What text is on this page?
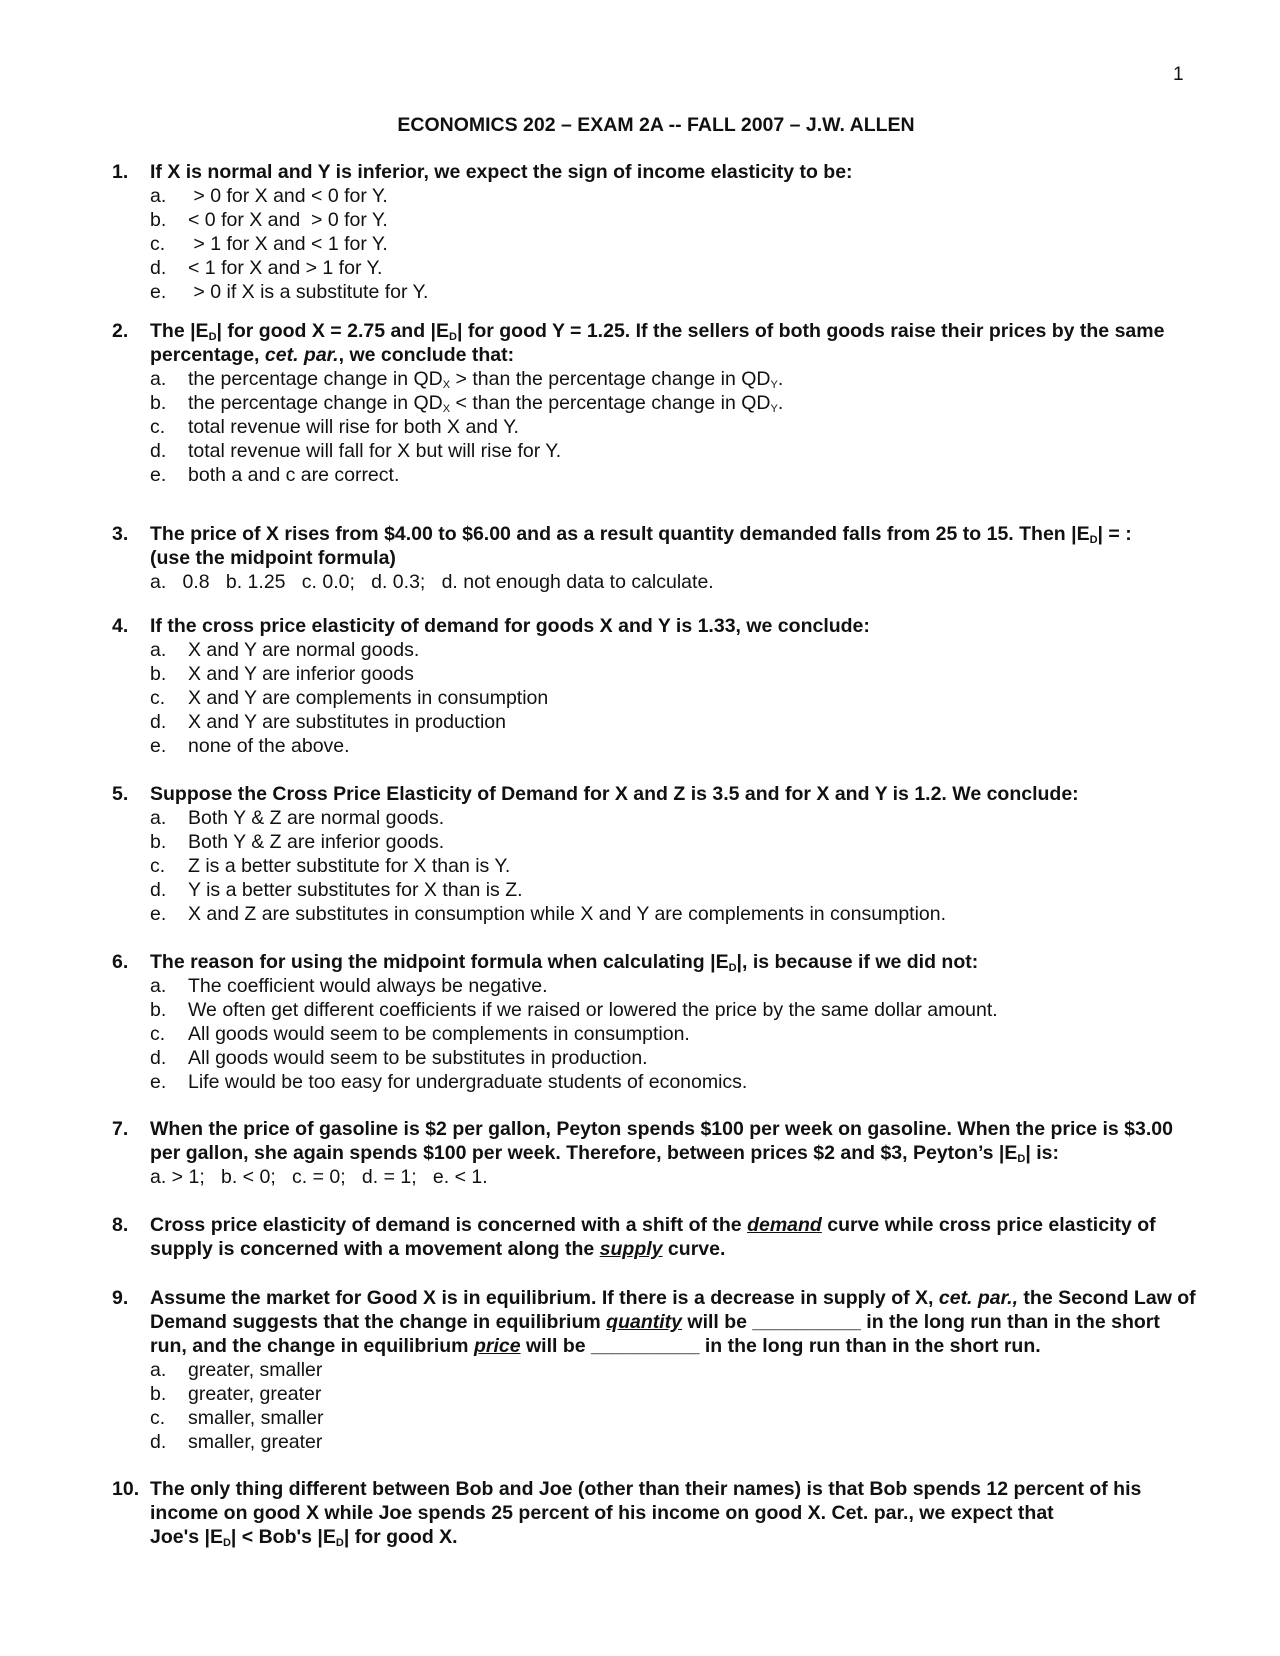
1
ECONOMICS 202 – EXAM 2A -- FALL 2007 – J.W. ALLEN
1.	If X is normal and Y is inferior, we expect the sign of income elasticity to be:
a.	> 0 for X and < 0 for Y.
b.	< 0 for X and  > 0 for Y.
c.	> 1 for X and < 1 for Y.
d.	< 1 for X and > 1 for Y.
e.	> 0 if X is a substitute for Y.
2.	The $|E_D|$ for good X = 2.75 and $|E_D|$ for good Y = 1.25. If the sellers of both goods raise their prices by the same percentage, cet. par., we conclude that:
a.	the percentage change in $QD_X$ > than the percentage change in $QD_Y$.
b.	the percentage change in $QD_X$ < than the percentage change in $QD_Y$.
c.	total revenue will rise for both X and Y.
d.	total revenue will fall for X but will rise for Y.
e.	both a and c are correct.
3.	The price of X rises from $4.00 to $6.00 and as a result quantity demanded falls from 25 to 15. Then $|E_D|$ = :
(use the midpoint formula)
a.   0.8   b. 1.25   c. 0.0;   d. 0.3;   d. not enough data to calculate.
4.	If the cross price elasticity of demand for goods X and Y is 1.33, we conclude:
a.	X and Y are normal goods.
b.	X and Y are inferior goods
c.	X and Y are complements in consumption
d.	X and Y are substitutes in production
e.	none of the above.
5.	Suppose the Cross Price Elasticity of Demand for X and Z is 3.5 and for X and Y is 1.2. We conclude:
a.	Both Y & Z are normal goods.
b.	Both Y & Z are inferior goods.
c.	Z is a better substitute for X than is Y.
d.	Y is a better substitutes for X than is Z.
e.	X and Z are substitutes in consumption while X and Y are complements in consumption.
6.	The reason for using the midpoint formula when calculating $|E_D|$, is because if we did not:
a.	The coefficient would always be negative.
b.	We often get different coefficients if we raised or lowered the price by the same dollar amount.
c.	All goods would seem to be complements in consumption.
d.	All goods would seem to be substitutes in production.
e.	Life would be too easy for undergraduate students of economics.
7.	When the price of gasoline is $2 per gallon, Peyton spends $100 per week on gasoline. When the price is $3.00 per gallon, she again spends $100 per week. Therefore, between prices $2 and $3, Peyton’s $|E_D|$ is:
a. > 1;   b. < 0;   c. = 0;   d. = 1;   e. < 1.
8.	Cross price elasticity of demand is concerned with a shift of the demand curve while cross price elasticity of supply is concerned with a movement along the supply curve.
9.	Assume the market for Good X is in equilibrium. If there is a decrease in supply of X, cet. par., the Second Law of Demand suggests that the change in equilibrium quantity will be __________ in the long run than in the short run, and the change in equilibrium price will be __________ in the long run than in the short run.
a.	greater, smaller
b.	greater, greater
c.	smaller, smaller
d.	smaller, greater
10. The only thing different between Bob and Joe (other than their names) is that Bob spends 12 percent of his income on good X while Joe spends 25 percent of his income on good X. Cet. par., we expect that
Joe's $|E_D| < Bob's$ $|E_D|$ for good X.
